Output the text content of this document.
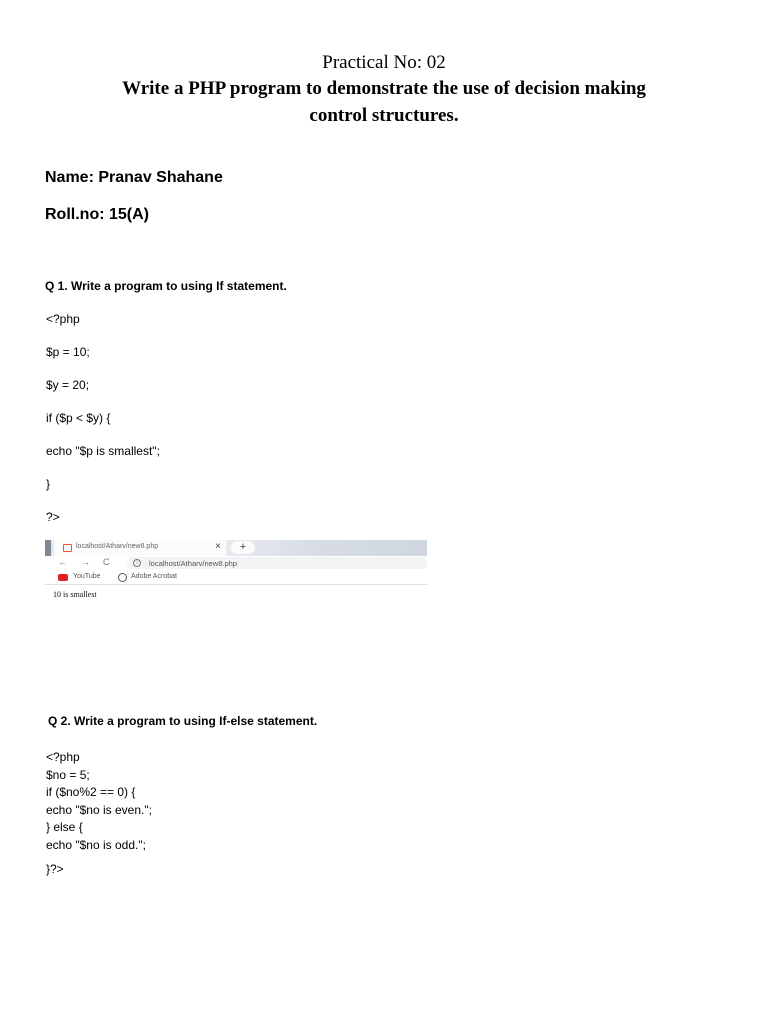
Practical No: 02
Write a PHP program to demonstrate the use of decision making
control structures.
Name: Pranav Shahane
Roll.no: 15(A)
Q 1. Write a program to using If statement.
<?php
$p = 10;
$y = 20;
if ($p < $y) {
echo "$p is smallest";
}
?>
localhost/Atharv/new8.php	×	+
← → C	i	localhost/Atharv/new8.php
YouTube	Adobe Acrobat
10 is smallest
Q 2. Write a program to using If-else statement.
<?php
$no = 5;
if ($no%2 == 0) {
echo "$no is even.";
} else {
echo "$no is odd.";
}?>
